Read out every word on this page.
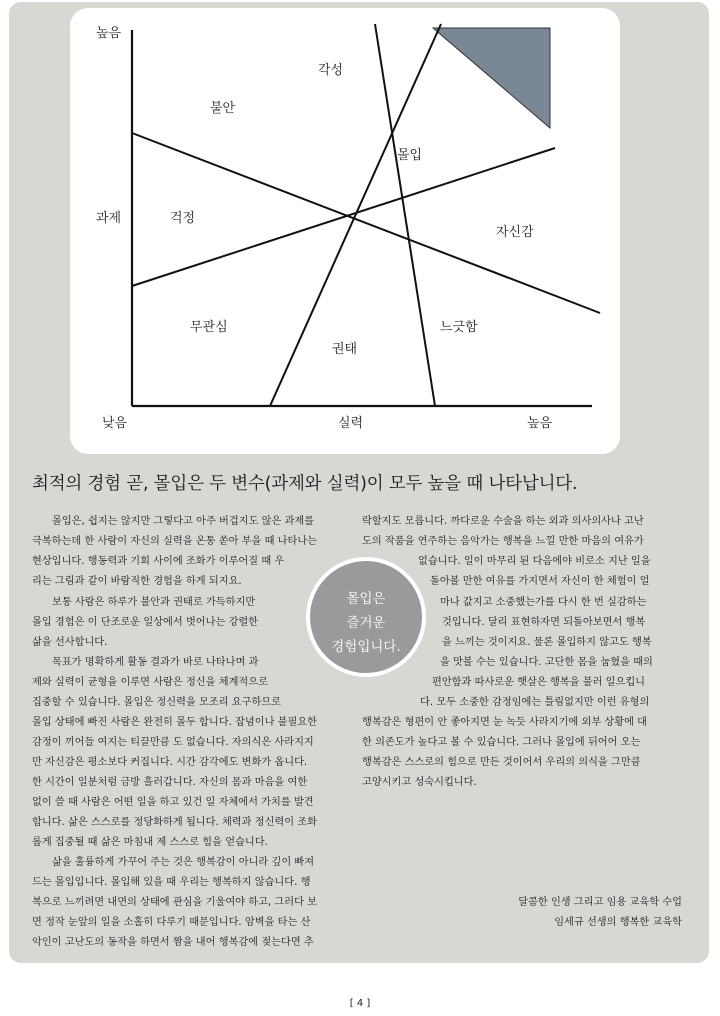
높음
과제
낮음	실력	높음
각성
불안
몰입
걱정
자신감
무관심
권태
느긋함
최적의 경험 곧, 몰입은 두 변수(과제와 실력)이 모두 높을 때 나타납니다.
몰입은, 쉽지는 않지만 그렇다고 아주 버겁지도 않은 과제를
극복하는데 한 사람이 자신의 실력을 온통 쏟아 부을 때 나타나는
현상입니다. 행동력과 기회 사이에 조화가 이루어질 때 우
리는 그림과 같이 바람직한 경험을 하게 되지요.
보통 사람은 하루가 불안과 권태로 가득하지만
몰입 경험은 이 단조로운 일상에서 벗어나는 강렬한
삶을 선사합니다.
목표가 명확하게 활동 결과가 바로 나타나며 과
제와 실력이 균형을 이루면 사람은 정신을 체계적으로
집중할 수 있습니다. 몰입은 정신력을 모조리 요구하므로
몰입 상태에 빠진 사람은 완전히 몰두 합니다. 잡념이나 불필요한
감정이 끼어들 여지는 티끌만큼 도 없습니다. 자의식은 사라지지
만 자신감은 평소보다 커집니다. 시간 감각에도 변화가 옵니다.
한 시간이 일분처럼 금방 흘러갑니다. 자신의 몸과 마음을 여한
없이 쓸 때 사람은 어떤 일을 하고 있건 일 자체에서 가치를 발견
합니다. 삶은 스스로를 정당화하게 됩니다. 체력과 정신력이 조화
롭게 집중될 때 삶은 마침내 제 스스로 힘을 얻습니다.
삶을 훌륭하게 가꾸어 주는 것은 행복감이 아니라 깊이 빠져
드는 몰입입니다. 몰입해 있을 때 우리는 행복하지 않습니다. 행
복으로 느끼려면 내면의 상태에 관심을 기울여야 하고, 그러다 보
면 정작 눈앞의 일을 소홀히 다루기 때문입니다. 암벽을 타는 산
악인이 고난도의 동작을 하면서 짬을 내어 행복감에 젖는다면 추
락할지도 모릅니다. 까다로운 수술을 하는 외과 의사의사나 고난
도의 작품을 연주하는 음악가는 행복을 느낄 만한 마음의 여유가
없습니다. 일이 마무리 된 다음에야 비로소 지난 일을
돌아볼 만한 여유를 가지면서 자신이 한 체험이 얼
마나 값지고 소중했는가를 다시 한 번 실감하는
것입니다. 달리 표현하자면 되돌아보면서 행복
을 느끼는 것이지요. 물론 몰입하지 않고도 행복
을 맛볼 수는 있습니다. 고단한 몸을 눕혔을 때의
편안함과 따사로운 햇살은 행복을 불러 일으킵니
다. 모두 소중한 감정임에는 틀림없지만 이런 유형의
행복감은 형편이 안 좋아지면 눈 녹듯 사라지기에 외부 상황에 대
한 의존도가 높다고 볼 수 있습니다. 그러나 몰입에 뒤어어 오는
행복감은 스스로의 힘으로 만든 것이어서 우리의 의식을 그만큼
고양시키고 성숙시킵니다.
몰입은
즐거운
경험입니다.
달콤한 인생 그리고 임용 교육학 수업
임세규 선생의 행복한 교육학
[ 4 ]
